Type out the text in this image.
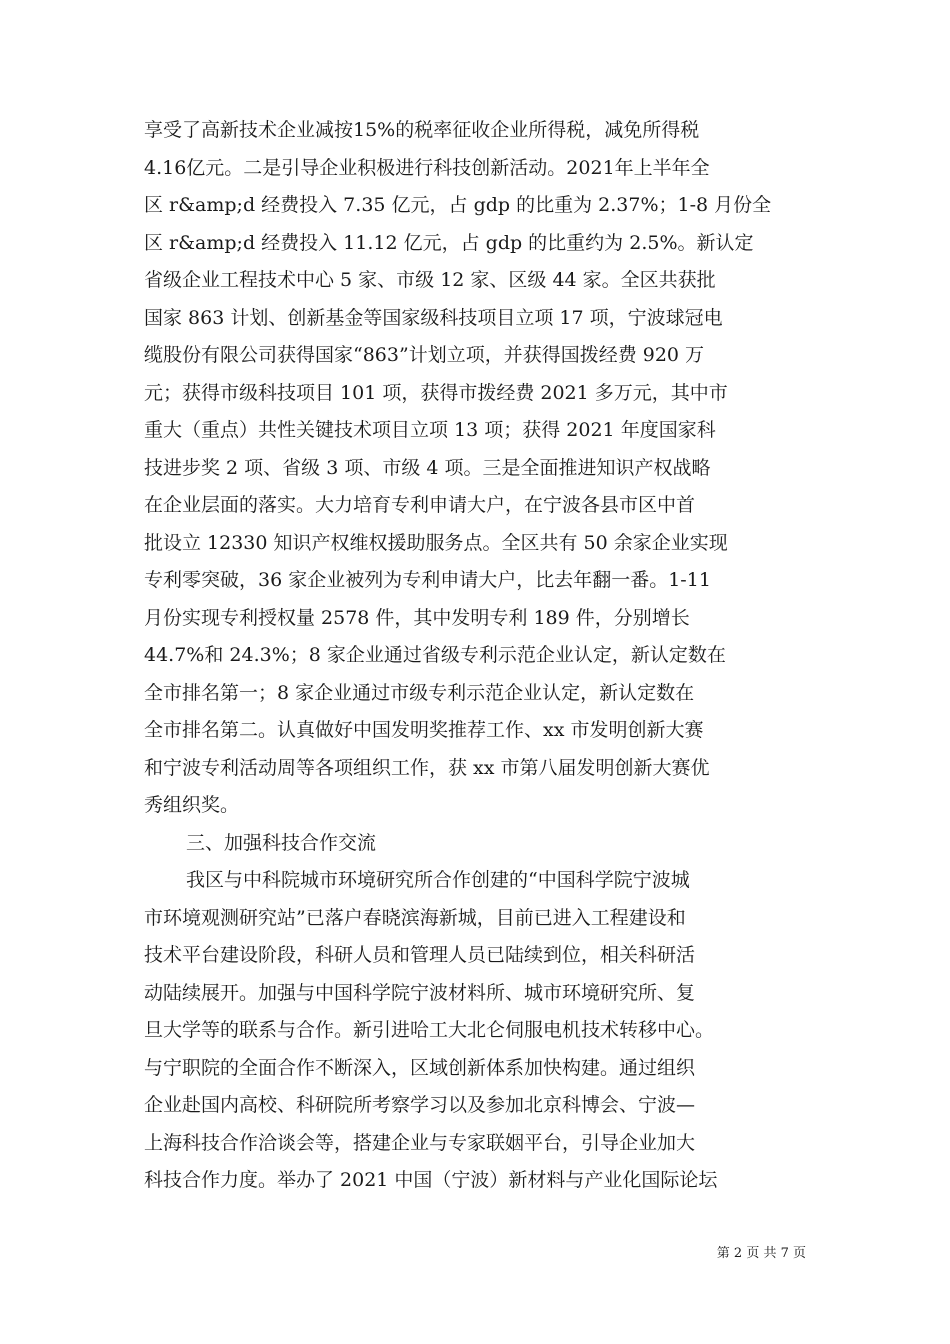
享受了高新技术企业减按15%的税率征收企业所得税，减免所得税
4.16亿元。二是引导企业积极进行科技创新活动。2021年上半年全
区 r&amp;d 经费投入 7.35 亿元，占 gdp 的比重为 2.37%；1-8 月份全
区 r&amp;d 经费投入 11.12 亿元，占 gdp 的比重约为 2.5%。新认定
省级企业工程技术中心 5 家、市级 12 家、区级 44 家。全区共获批
国家 863 计划、创新基金等国家级科技项目立项 17 项，宁波球冠电
缆股份有限公司获得国家“863”计划立项，并获得国拨经费 920 万
元；获得市级科技项目 101 项，获得市拨经费 2021 多万元，其中市
重大（重点）共性关键技术项目立项 13 项；获得 2021 年度国家科
技进步奖 2 项、省级 3 项、市级 4 项。三是全面推进知识产权战略
在企业层面的落实。大力培育专利申请大户，在宁波各县市区中首
批设立 12330 知识产权维权援助服务点。全区共有 50 余家企业实现
专利零突破，36 家企业被列为专利申请大户，比去年翻一番。1-11
月份实现专利授权量 2578 件，其中发明专利 189 件，分别增长
44.7%和 24.3%；8 家企业通过省级专利示范企业认定，新认定数在
全市排名第一；8 家企业通过市级专利示范企业认定，新认定数在
全市排名第二。认真做好中国发明奖推荐工作、xx 市发明创新大赛
和宁波专利活动周等各项组织工作，获 xx 市第八届发明创新大赛优
秀组织奖。
三、加强科技合作交流
我区与中科院城市环境研究所合作创建的“中国科学院宁波城
市环境观测研究站”已落户春晓滨海新城，目前已进入工程建设和
技术平台建设阶段，科研人员和管理人员已陆续到位，相关科研活
动陆续展开。加强与中国科学院宁波材料所、城市环境研究所、复
旦大学等的联系与合作。新引进哈工大北仑伺服电机技术转移中心。
与宁职院的全面合作不断深入，区域创新体系加快构建。通过组织
企业赴国内高校、科研院所考察学习以及参加北京科博会、宁波—
上海科技合作洽谈会等，搭建企业与专家联姻平台，引导企业加大
科技合作力度。举办了 2021 中国（宁波）新材料与产业化国际论坛
第 2 页 共 7 页
